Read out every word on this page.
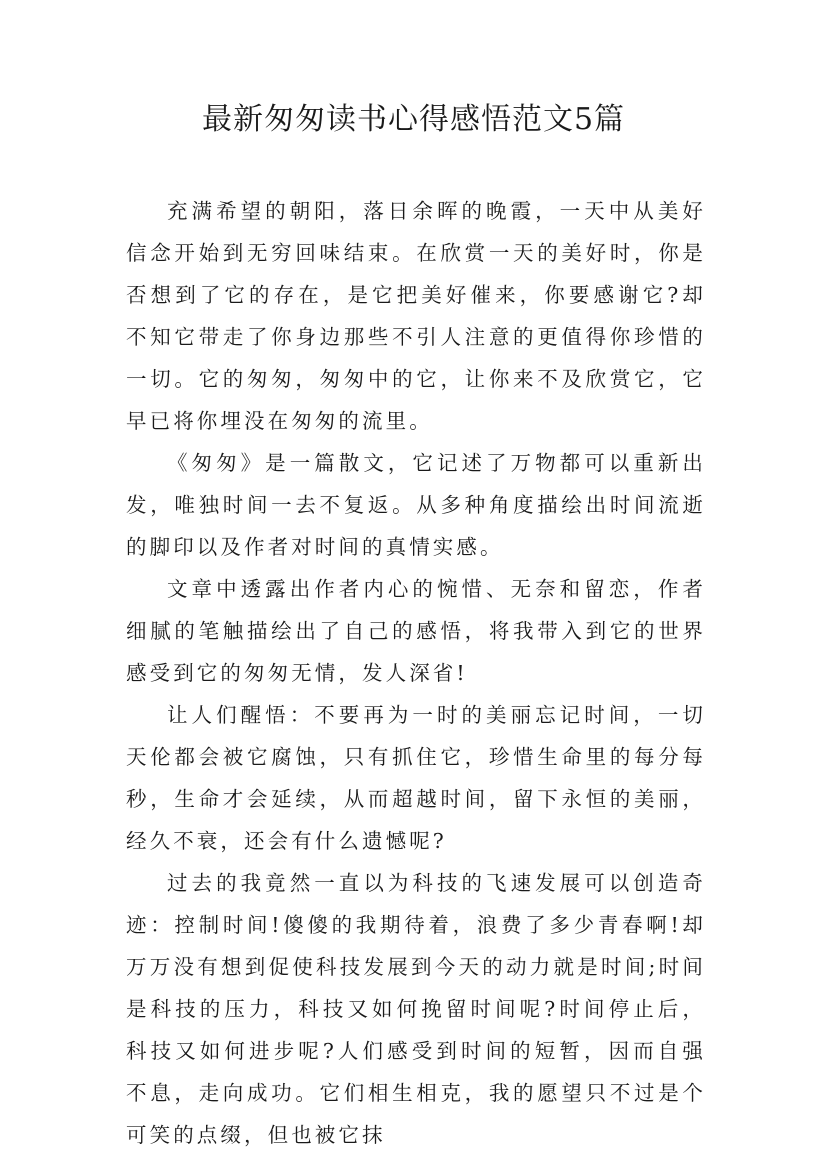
最新匆匆读书心得感悟范文5篇

充满希望的朝阳，落日余晖的晚霞，一天中从美好信念开始到无穷回味结束。在欣赏一天的美好时，你是否想到了它的存在，是它把美好催来，你要感谢它?却不知它带走了你身边那些不引人注意的更值得你珍惜的一切。它的匆匆，匆匆中的它，让你来不及欣赏它，它早已将你埋没在匆匆的流里。

《匆匆》是一篇散文，它记述了万物都可以重新出发，唯独时间一去不复返。从多种角度描绘出时间流逝的脚印以及作者对时间的真情实感。

文章中透露出作者内心的惋惜、无奈和留恋，作者细腻的笔触描绘出了自己的感悟，将我带入到它的世界感受到它的匆匆无情，发人深省!

让人们醒悟：不要再为一时的美丽忘记时间，一切天伦都会被它腐蚀，只有抓住它，珍惜生命里的每分每秒，生命才会延续，从而超越时间，留下永恒的美丽，经久不衰，还会有什么遗憾呢?

过去的我竟然一直以为科技的飞速发展可以创造奇迹：控制时间!傻傻的我期待着，浪费了多少青春啊!却万万没有想到促使科技发展到今天的动力就是时间;时间是科技的压力，科技又如何挽留时间呢?时间停止后，科技又如何进步呢?人们感受到时间的短暂，因而自强不息，走向成功。它们相生相克，我的愿望只不过是个可笑的点缀，但也被它抹
